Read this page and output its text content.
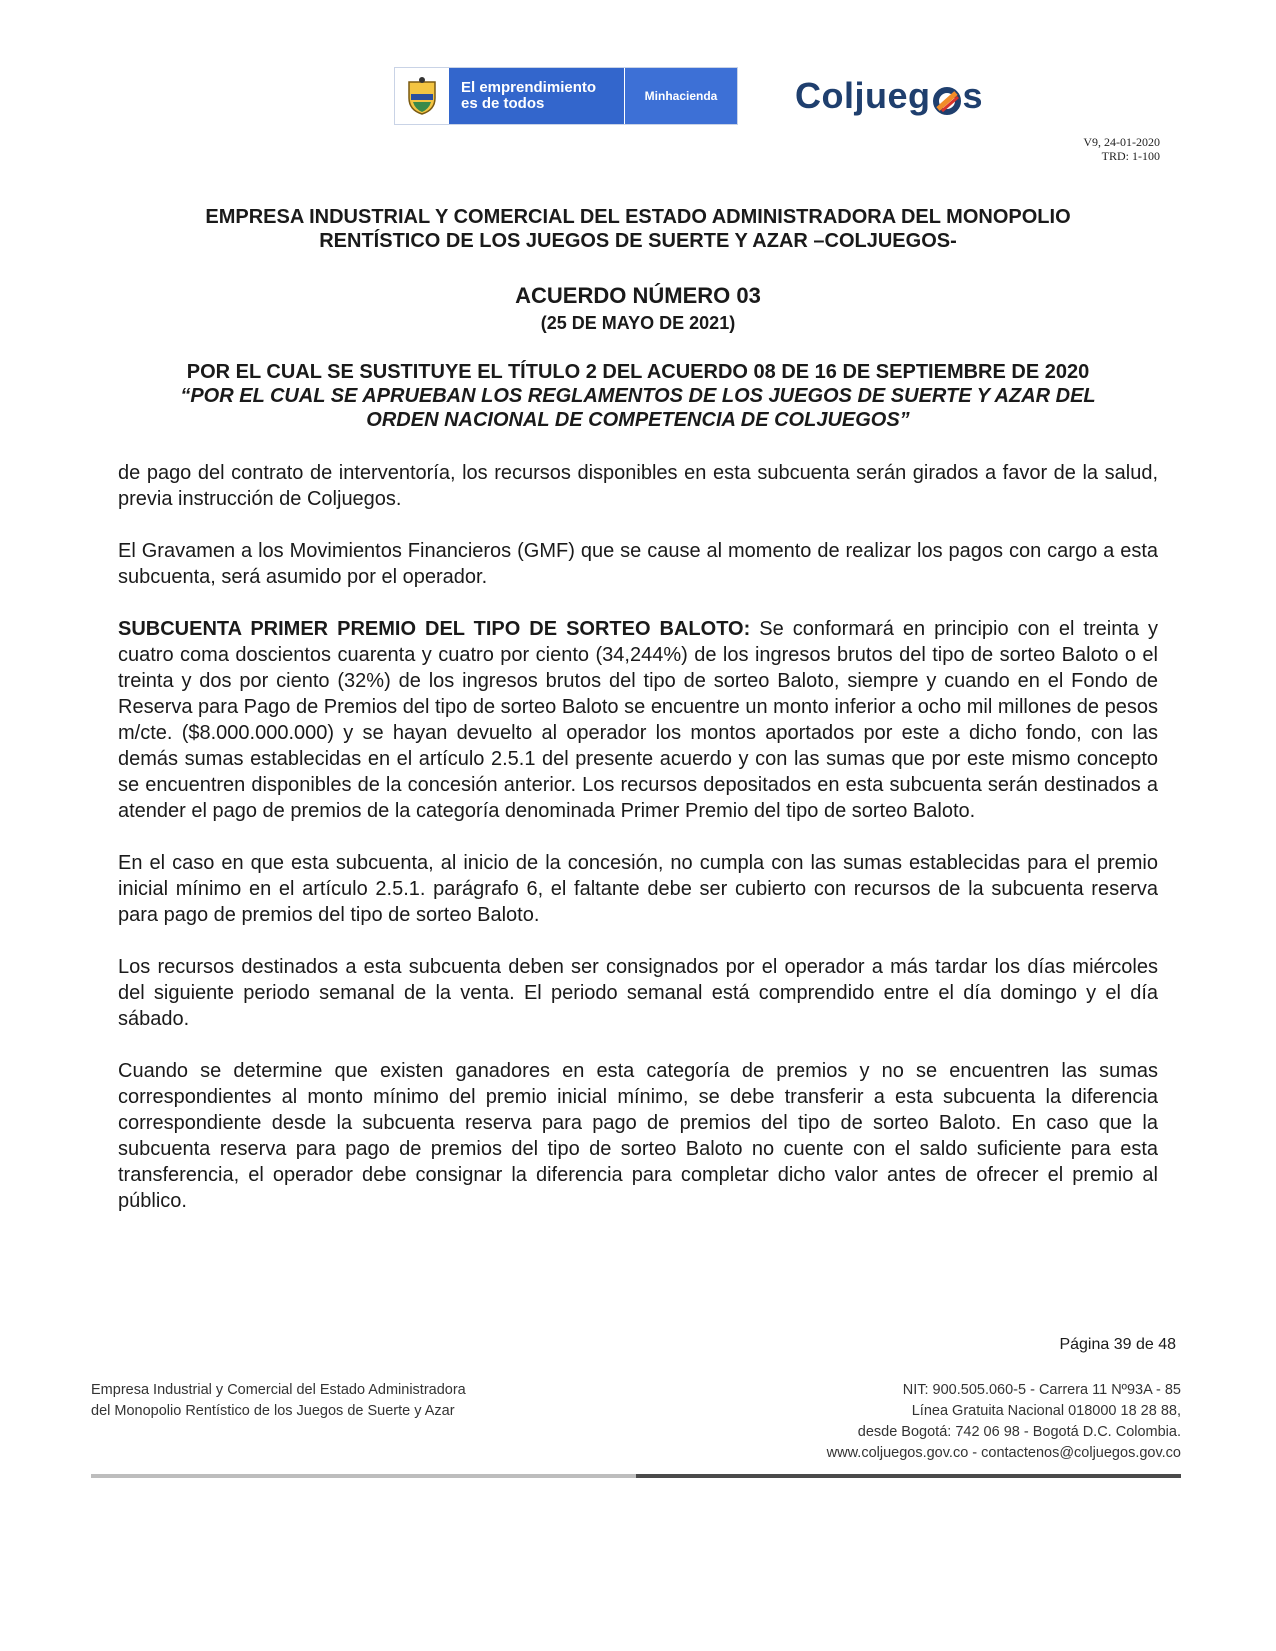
El emprendimiento
es de todos	Minhacienda	Coljueg s
V9, 24-01-2020
TRD: 1-100
EMPRESA INDUSTRIAL Y COMERCIAL DEL ESTADO ADMINISTRADORA DEL MONOPOLIO
RENTÍSTICO DE LOS JUEGOS DE SUERTE Y AZAR –COLJUEGOS-
ACUERDO NÚMERO 03
(25 DE MAYO DE 2021)
POR EL CUAL SE SUSTITUYE EL TÍTULO 2 DEL ACUERDO 08 DE 16 DE SEPTIEMBRE DE 2020
“POR EL CUAL SE APRUEBAN LOS REGLAMENTOS DE LOS JUEGOS DE SUERTE Y AZAR DEL
ORDEN NACIONAL DE COMPETENCIA DE COLJUEGOS”

de pago del contrato de interventoría, los recursos disponibles en esta subcuenta serán girados a favor de la salud, previa instrucción de Coljuegos.

El Gravamen a los Movimientos Financieros (GMF) que se cause al momento de realizar los pagos con cargo a esta subcuenta, será asumido por el operador.

SUBCUENTA PRIMER PREMIO DEL TIPO DE SORTEO BALOTO: Se conformará en principio con el treinta y cuatro coma doscientos cuarenta y cuatro por ciento (34,244%) de los ingresos brutos del tipo de sorteo Baloto o el treinta y dos por ciento (32%) de los ingresos brutos del tipo de sorteo Baloto, siempre y cuando en el Fondo de Reserva para Pago de Premios del tipo de sorteo Baloto se encuentre un monto inferior a ocho mil millones de pesos m/cte. ($8.000.000.000) y se hayan devuelto al operador los montos aportados por este a dicho fondo, con las demás sumas establecidas en el artículo 2.5.1 del presente acuerdo y con las sumas que por este mismo concepto se encuentren disponibles de la concesión anterior. Los recursos depositados en esta subcuenta serán destinados a atender el pago de premios de la categoría denominada Primer Premio del tipo de sorteo Baloto.

En el caso en que esta subcuenta, al inicio de la concesión, no cumpla con las sumas establecidas para el premio inicial mínimo en el artículo 2.5.1. parágrafo 6, el faltante debe ser cubierto con recursos de la subcuenta reserva para pago de premios del tipo de sorteo Baloto.

Los recursos destinados a esta subcuenta deben ser consignados por el operador a más tardar los días miércoles del siguiente periodo semanal de la venta. El periodo semanal está comprendido entre el día domingo y el día sábado.

Cuando se determine que existen ganadores en esta categoría de premios y no se encuentren las sumas correspondientes al monto mínimo del premio inicial mínimo, se debe transferir a esta subcuenta la diferencia correspondiente desde la subcuenta reserva para pago de premios del tipo de sorteo Baloto. En caso que la subcuenta reserva para pago de premios del tipo de sorteo Baloto no cuente con el saldo suficiente para esta transferencia, el operador debe consignar la diferencia para completar dicho valor antes de ofrecer el premio al público.

Página 39 de 48
Empresa Industrial y Comercial del Estado Administradora
del Monopolio Rentístico de los Juegos de Suerte y Azar
NIT: 900.505.060-5 - Carrera 11 Nº93A - 85
Línea Gratuita Nacional 018000 18 28 88,
desde Bogotá: 742 06 98 - Bogotá D.C. Colombia.
www.coljuegos.gov.co - contactenos@coljuegos.gov.co
